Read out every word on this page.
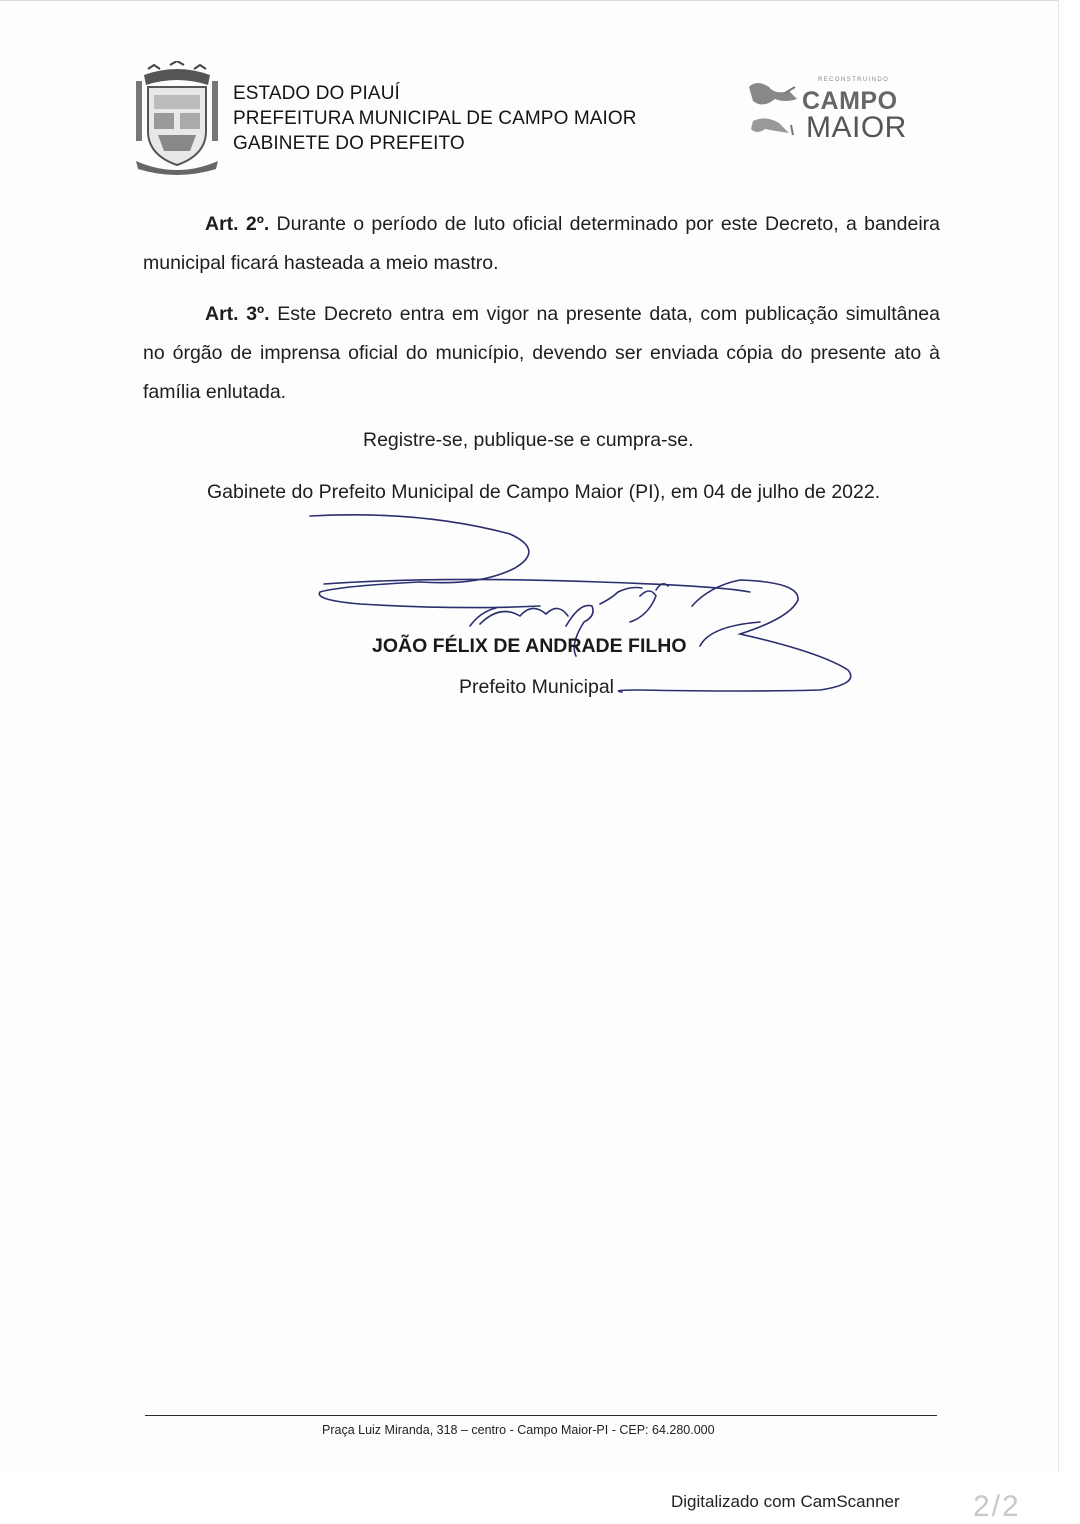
ESTADO DO PIAUÍ
PREFEITURA MUNICIPAL DE CAMPO MAIOR
GABINETE DO PREFEITO
RECONSTRUINDO
CAMPO
MAIOR
Art. 2º. Durante o período de luto oficial determinado por este Decreto, a bandeira municipal ficará hasteada a meio mastro.
Art. 3º. Este Decreto entra em vigor na presente data, com publicação simultânea no órgão de imprensa oficial do município, devendo ser enviada cópia do presente ato à família enlutada.
Registre-se, publique-se e cumpra-se.
Gabinete do Prefeito Municipal de Campo Maior (PI), em 04 de julho de 2022.
JOÃO FÉLIX DE ANDRADE FILHO
Prefeito Municipal
Praça Luiz Miranda, 318 – centro - Campo Maior-PI - CEP: 64.280.000
Digitalizado com CamScanner 2/2
